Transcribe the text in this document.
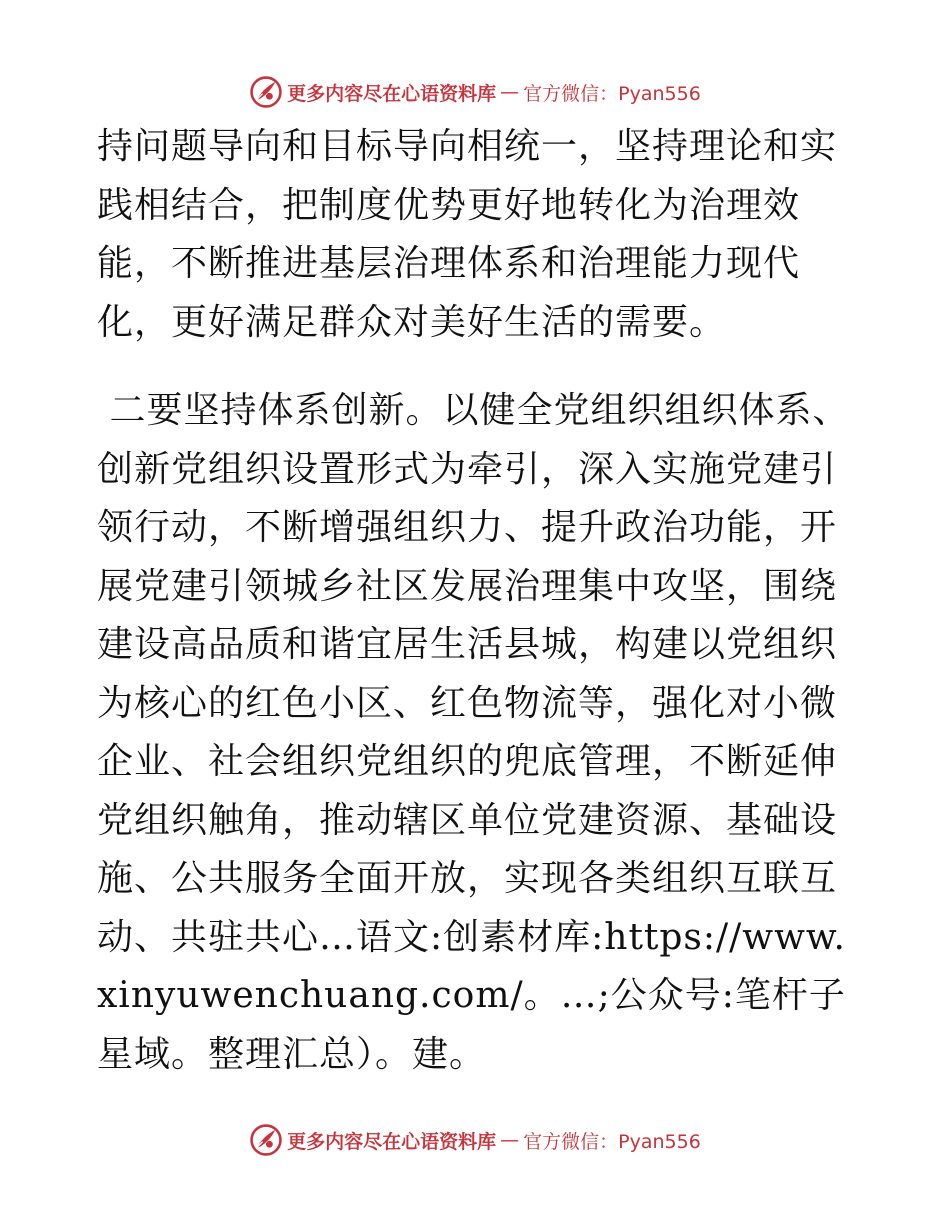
更多内容尽在心语资料库 — 官方微信：Pyan556

持问题导向和目标导向相统一，坚持理论和实践相结合，把制度优势更好地转化为治理效能，不断推进基层治理体系和治理能力现代化，更好满足群众对美好生活的需要。

二要坚持体系创新。以健全党组织组织体系、创新党组织设置形式为牵引，深入实施党建引领行动，不断增强组织力、提升政治功能，开展党建引领城乡社区发展治理集中攻坚，围绕建设高品质和谐宜居生活县城，构建以党组织为核心的红色小区、红色物流等，强化对小微企业、社会组织党组织的兜底管理，不断延伸党组织触角，推动辖区单位党建资源、基础设施、公共服务全面开放，实现各类组织互联互动、共驻共心…语文:创素材库:https://www.xinyuwenchuang.com/。…;公众号:笔杆子星域。整理汇总）。建。

更多内容尽在心语资料库 — 官方微信：Pyan556
